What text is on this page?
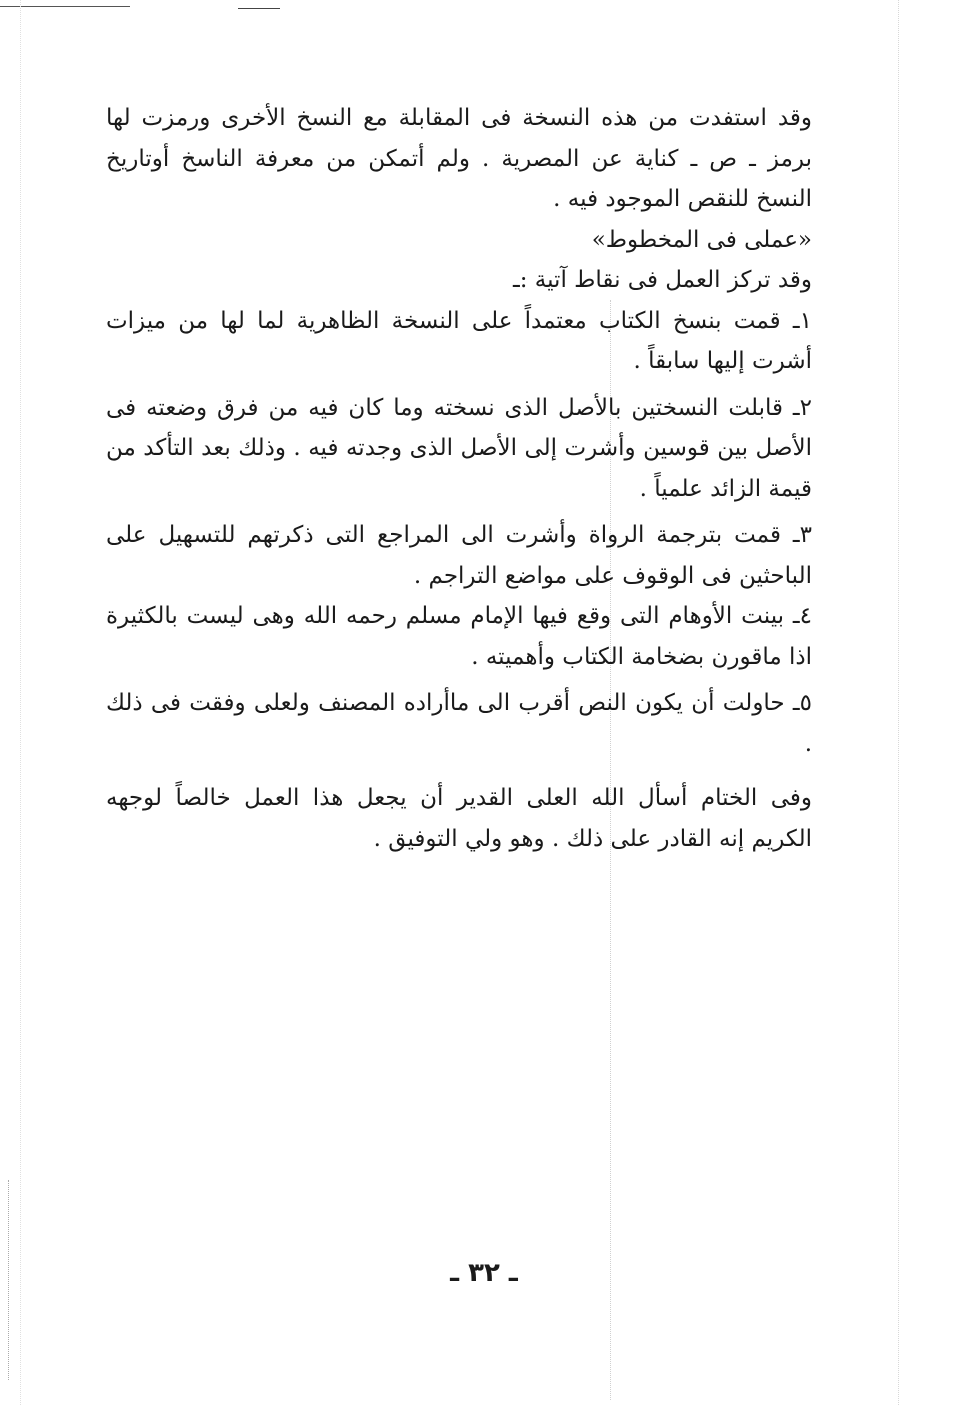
وقد استفدت من هذه النسخة فى المقابلة مع النسخ الأخرى ورمزت لها برمز ـ ص ـ كناية عن المصرية . ولم أتمكن من معرفة الناسخ أوتاريخ النسخ للنقص الموجود فيه .

«عملى فى المخطوط»

وقد تركز العمل فى نقاط آتية :ـ

١ـ قمت بنسخ الكتاب معتمداً على النسخة الظاهرية لما لها من ميزات أشرت إليها سابقاً .

٢ـ قابلت النسختين بالأصل الذى نسخته وما كان فيه من فرق وضعته فى الأصل بين قوسين وأشرت إلى الأصل الذى وجدته فيه . وذلك بعد التأكد من قيمة الزائد علمياً .

٣ـ قمت بترجمة الرواة وأشرت الى المراجع التى ذكرتهم للتسهيل على الباحثين فى الوقوف على مواضع التراجم .

٤ـ بينت الأوهام التى وقع فيها الإمام مسلم رحمه الله وهى ليست بالكثيرة اذا ماقورن بضخامة الكتاب وأهميته .

٥ـ حاولت أن يكون النص أقرب الى ماأراده المصنف ولعلى وفقت فى ذلك .

وفى الختام أسأل الله العلى القدير أن يجعل هذا العمل خالصاً لوجهه الكريم إنه القادر على ذلك . وهو ولي التوفيق .

ـ ٣٢ ـ
